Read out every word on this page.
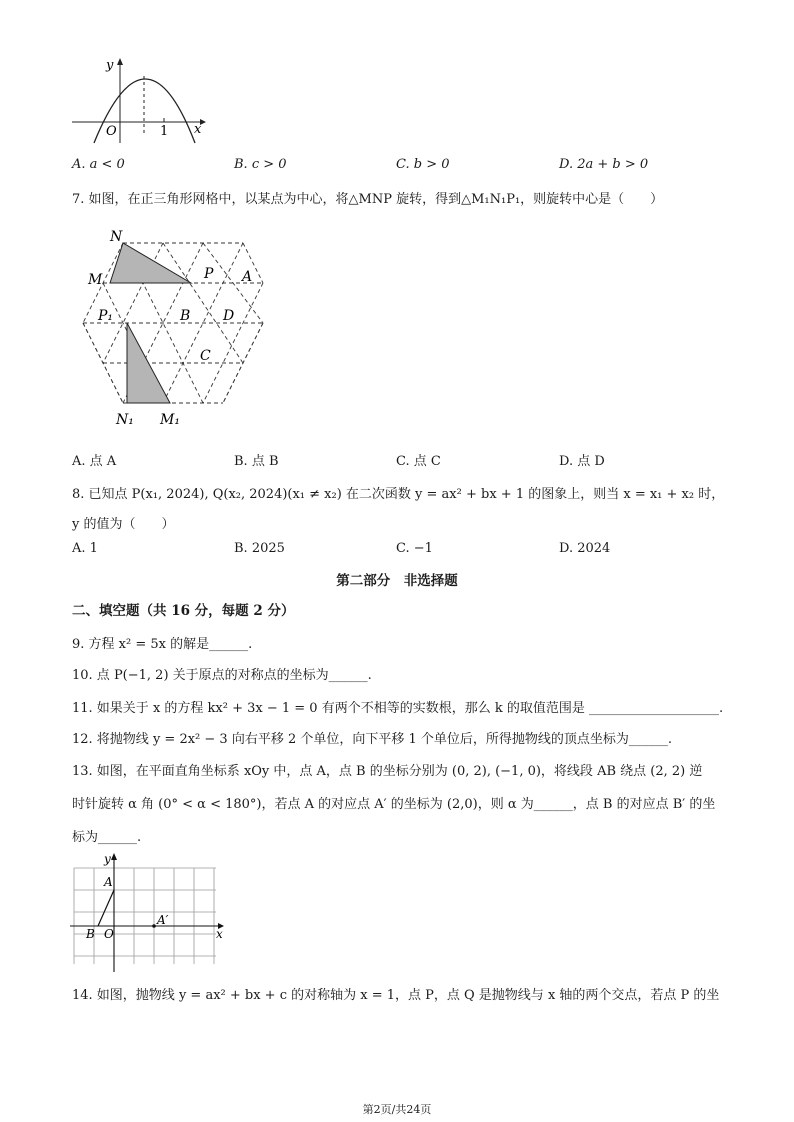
y
x
O	1
A. a < 0	B. c > 0	C. b > 0	D. 2a + b > 0
7. 如图，在正三角形网格中，以某点为中心，将△MNP 旋转，得到△M₁N₁P₁，则旋转中心是（　　）
N
M	P A
P₁	B D
C
N₁ M₁
A. 点 A	B. 点 B	C. 点 C	D. 点 D
8. 已知点 P(x₁, 2024), Q(x₂, 2024)(x₁ ≠ x₂) 在二次函数 y = ax² + bx + 1 的图象上，则当 x = x₁ + x₂ 时，
y 的值为（　　）
A. 1	B. 2025	C. −1	D. 2024
第二部分　非选择题
二、填空题（共 16 分，每题 2 分）
9. 方程 x² = 5x 的解是______.
10. 点 P(−1, 2) 关于原点的对称点的坐标为______.
11. 如果关于 x 的方程 kx² + 3x − 1 = 0 有两个不相等的实数根，那么 k 的取值范围是 ____________________.
12. 将抛物线 y = 2x² − 3 向右平移 2 个单位，向下平移 1 个单位后，所得抛物线的顶点坐标为______.
13. 如图，在平面直角坐标系 xOy 中，点 A，点 B 的坐标分别为 (0, 2), (−1, 0)，将线段 AB 绕点 (2, 2) 逆
时针旋转 α 角 (0° < α < 180°)，若点 A 的对应点 A′ 的坐标为 (2,0)，则 α 为______，点 B 的对应点 B′ 的坐
标为______.
y
x
A
B O
A′
14. 如图，抛物线 y = ax² + bx + c 的对称轴为 x = 1，点 P，点 Q 是抛物线与 x 轴的两个交点，若点 P 的坐
第2页/共24页
